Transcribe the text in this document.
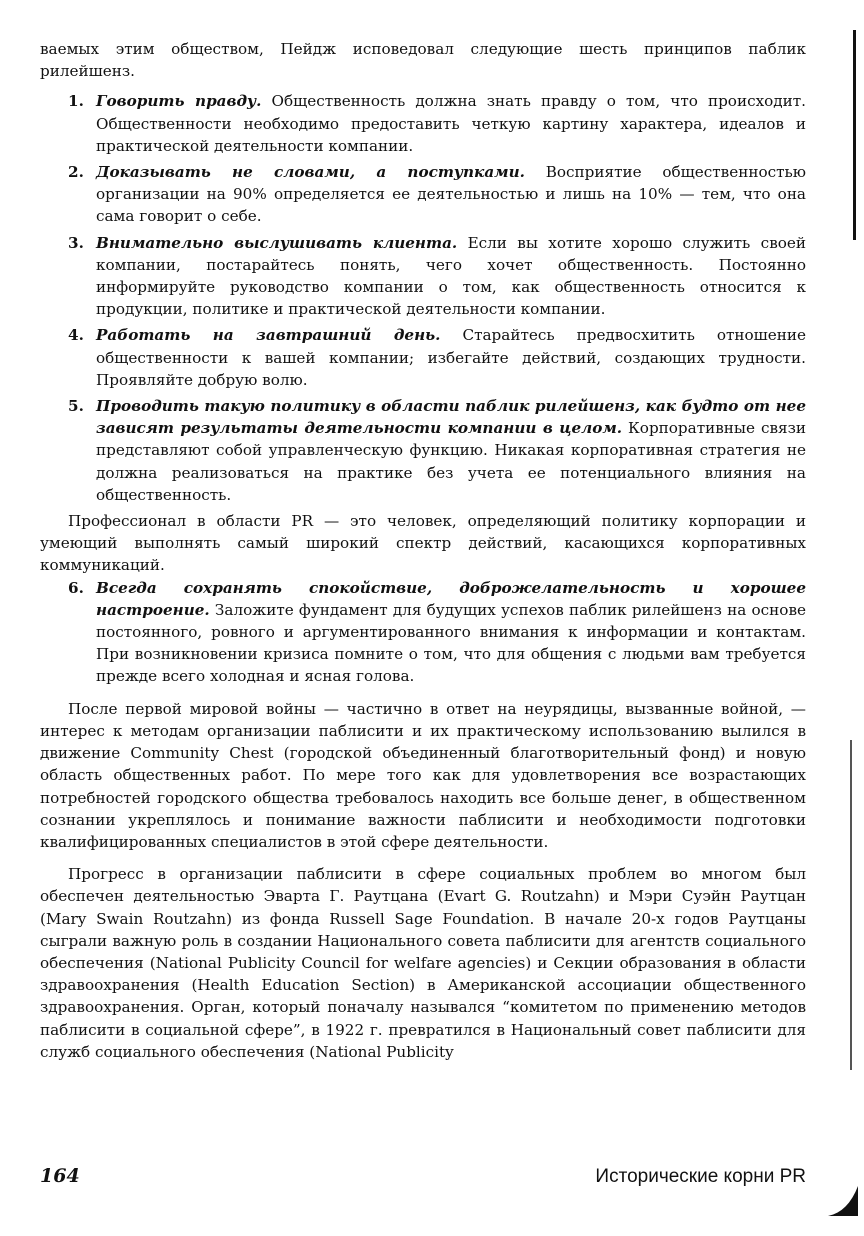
ваемых этим обществом, Пейдж исповедовал следующие шесть принципов паблик рилейшенз.

1. Говорить правду. Общественность должна знать правду о том, что происходит. Общественности необходимо предоставить четкую картину характера, идеалов и практической деятельности компании.
2. Доказывать не словами, а поступками. Восприятие общественностью организации на 90% определяется ее деятельностью и лишь на 10% — тем, что она сама говорит о себе.
3. Внимательно выслушивать клиента. Если вы хотите хорошо служить своей компании, постарайтесь понять, чего хочет общественность. Постоянно информируйте руководство компании о том, как общественность относится к продукции, политике и практической деятельности компании.
4. Работать на завтрашний день. Старайтесь предвосхитить отношение общественности к вашей компании; избегайте действий, создающих трудности. Проявляйте добрую волю.
5. Проводить такую политику в области паблик рилейшенз, как будто от нее зависят результаты деятельности компании в целом. Корпоративные связи представляют собой управленческую функцию. Никакая корпоративная стратегия не должна реализоваться на практике без учета ее потенциального влияния на общественность.

Профессионал в области PR — это человек, определяющий политику корпорации и умеющий выполнять самый широкий спектр действий, касающихся корпоративных коммуникаций.

6. Всегда сохранять спокойствие, доброжелательность и хорошее настроение. Заложите фундамент для будущих успехов паблик рилейшенз на основе постоянного, ровного и аргументированного внимания к информации и контактам. При возникновении кризиса помните о том, что для общения с людьми вам требуется прежде всего холодная и ясная голова.

После первой мировой войны — частично в ответ на неурядицы, вызванные войной, — интерес к методам организации паблисити и их практическому использованию вылился в движение Community Chest (городской объединенный благотворительный фонд) и новую область общественных работ. По мере того как для удовлетворения все возрастающих потребностей городского общества требовалось находить все больше денег, в общественном сознании укреплялось и понимание важности паблисити и необходимости подготовки квалифицированных специалистов в этой сфере деятельности.

Прогресс в организации паблисити в сфере социальных проблем во многом был обеспечен деятельностью Эварта Г. Раутцана (Evart G. Routzahn) и Мэри Суэйн Раутцан (Mary Swain Routzahn) из фонда Russell Sage Foundation. В начале 20-х годов Раутцаны сыграли важную роль в создании Национального совета паблисити для агентств социального обеспечения (National Publicity Council for welfare agencies) и Секции образования в области здравоохранения (Health Education Section) в Американской ассоциации общественного здравоохранения. Орган, который поначалу назывался “комитетом по применению методов паблисити в социальной сфере”, в 1922 г. превратился в Национальный совет паблисити для служб социального обеспечения (National Publicity

164	Исторические корни PR
